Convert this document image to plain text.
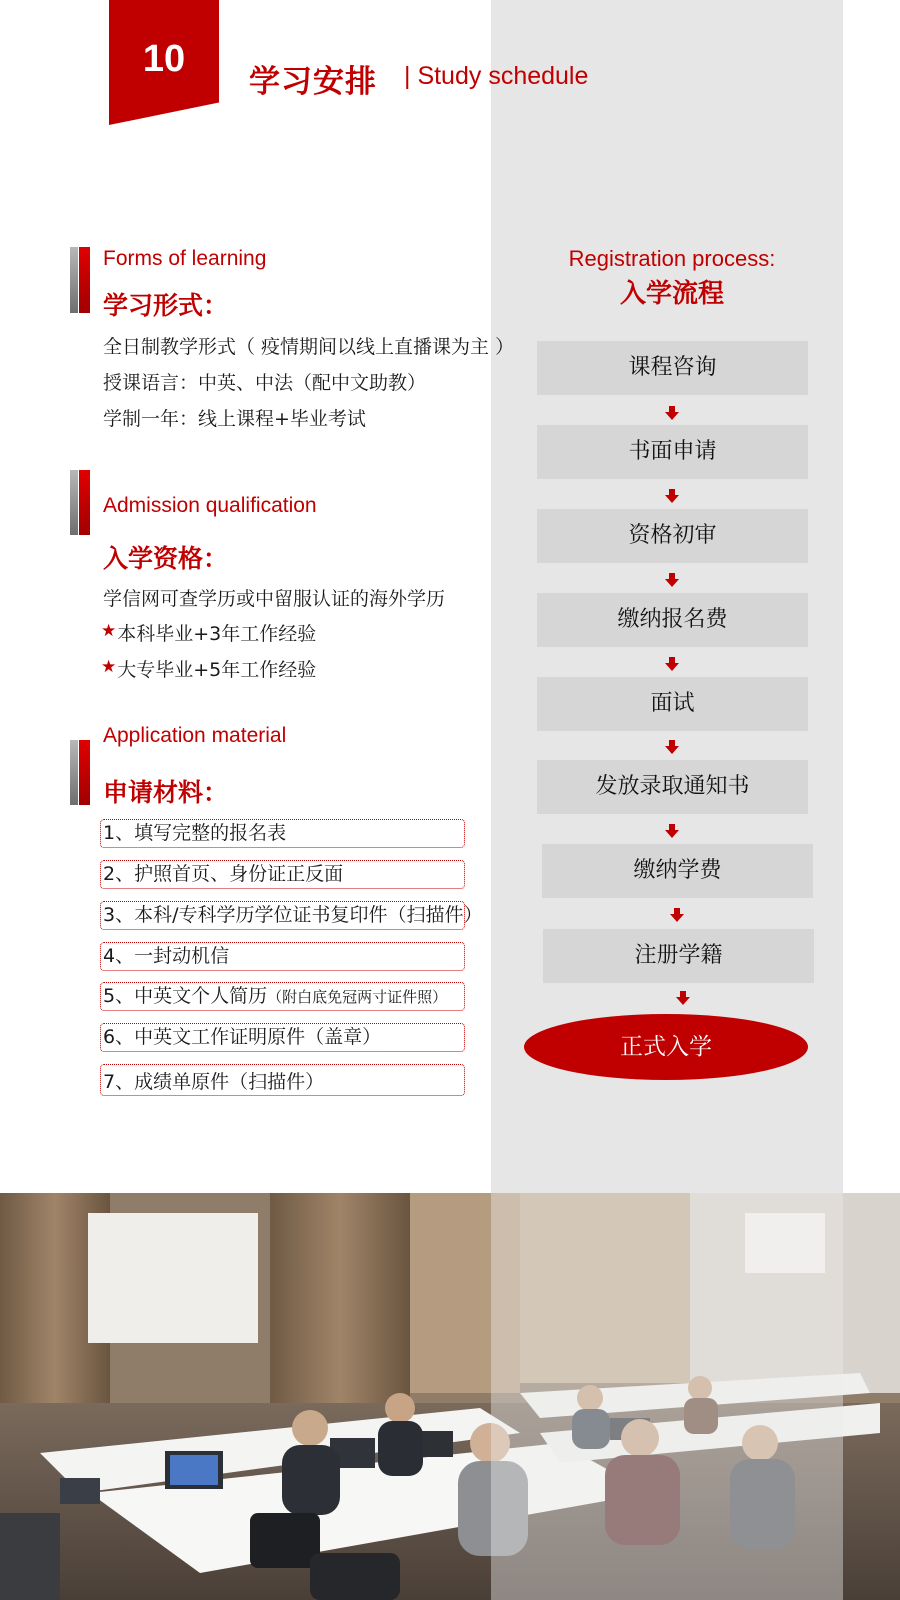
10
学习安排 | Study schedule
Forms of learning
学习形式：
全日制教学形式（ 疫情期间以线上直播课为主 ）
授课语言：中英、中法（配中文助教）
学制一年：线上课程+毕业考试
Admission qualification
入学资格：
学信网可查学历或中留服认证的海外学历
★本科毕业+3年工作经验
★大专毕业+5年工作经验
Application material
申请材料：
1、填写完整的报名表
2、护照首页、身份证正反面
3、本科/专科学历学位证书复印件（扫描件）
4、一封动机信
5、中英文个人简历（附白底免冠两寸证件照）
6、中英文工作证明原件（盖章）
7、成绩单原件（扫描件）
Registration process:
入学流程
课程咨询
书面申请
资格初审
缴纳报名费
面试
发放录取通知书
缴纳学费
注册学籍
正式入学
